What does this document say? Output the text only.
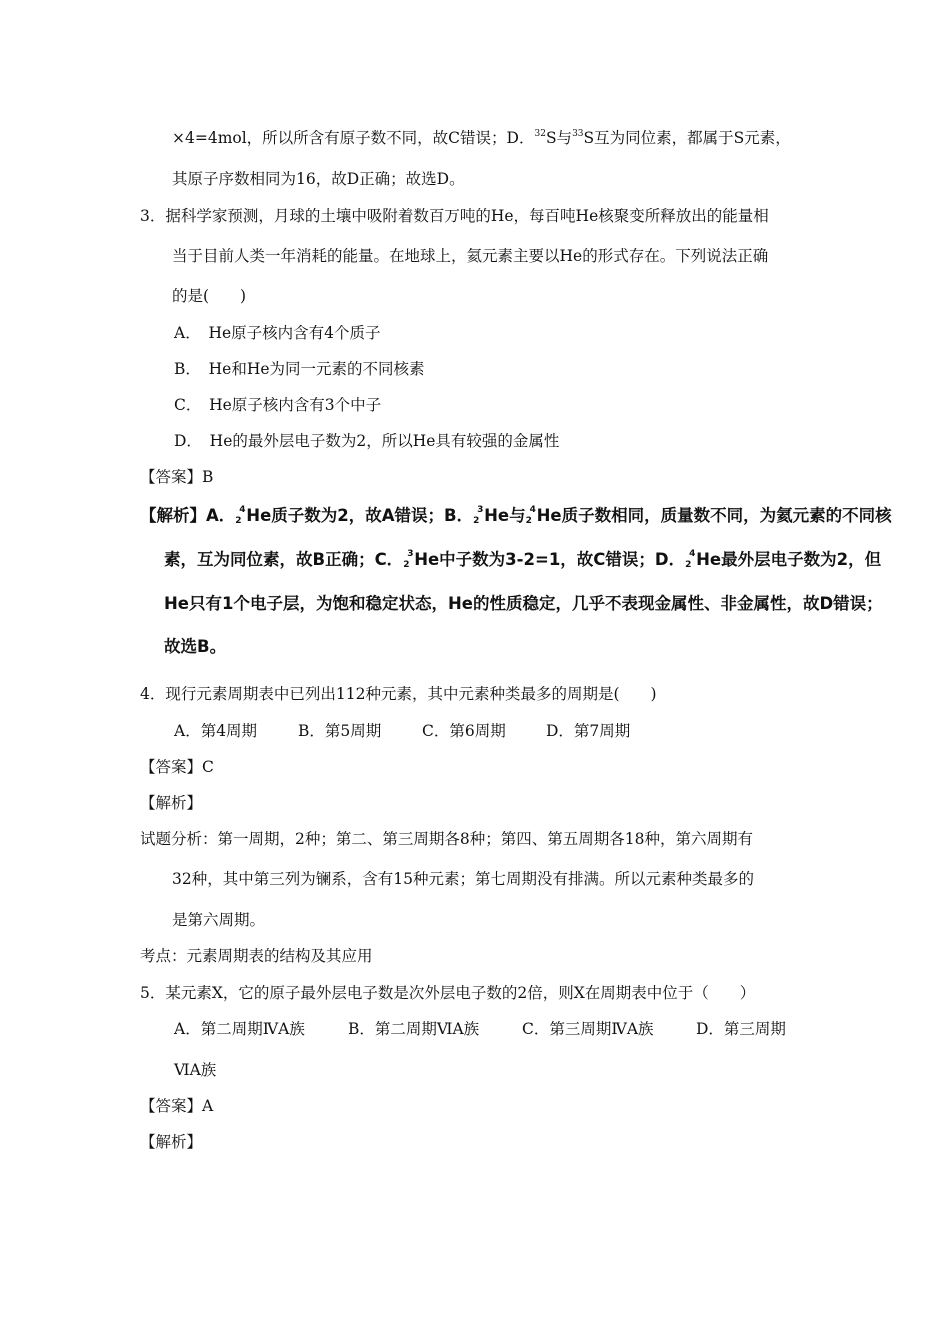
×4=4mol，所以所含有原子数不同，故C错误；D．$^{32}$S与$^{33}$S互为同位素，都属于S元素，
其原子序数相同为16，故D正确；故选D。
3．据科学家预测，月球的土壤中吸附着数百万吨的He，每百吨He核聚变所释放出的能量相
当于目前人类一年消耗的能量。在地球上，氦元素主要以He的形式存在。下列说法正确
的是(　　)
A．　He原子核内含有4个质子
B．　He和He为同一元素的不同核素
C．　He原子核内含有3个中子
D．　He的最外层电子数为2，所以He具有较强的金属性
【答案】B
【解析】A． 4
2 He质子数为2，故A错误；B． 3
2 He与 4
2 He质子数相同，质量数不同，为氦元素的不同核
素，互为同位素，故B正确；C． 3
2 He中子数为3-2=1，故C错误；D． 4
2 He最外层电子数为2，但
He只有1个电子层，为饱和稳定状态，He的性质稳定，几乎不表现金属性、非金属性，故D错误；
故选B。
4．现行元素周期表中已列出112种元素，其中元素种类最多的周期是(　　)
A．第4周期	B．第5周期	C．第6周期	D．第7周期
【答案】C
【解析】
试题分析：第一周期，2种；第二、第三周期各8种；第四、第五周期各18种，第六周期有
32种，其中第三列为镧系，含有15种元素；第七周期没有排满。所以元素种类最多的
是第六周期。
考点：元素周期表的结构及其应用
5．某元素X，它的原子最外层电子数是次外层电子数的2倍，则X在周期表中位于（　　）
A．第二周期ⅣA族	B．第二周期ⅥA族	C．第三周期ⅣA族	D．第三周期
ⅥA族
【答案】A
【解析】
